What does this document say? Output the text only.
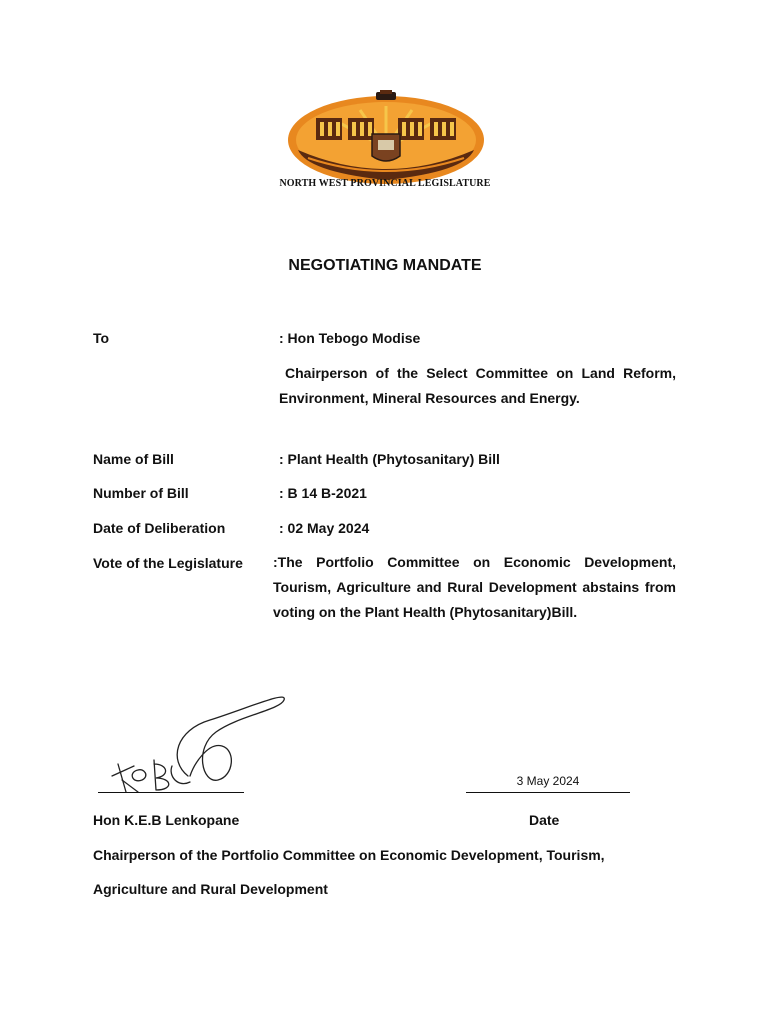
NORTH WEST PROVINCIAL LEGISLATURE
NEGOTIATING MANDATE
To	: Hon Tebogo Modise
Chairperson of the Select Committee on Land Reform, Environment, Mineral Resources and Energy.
Name of Bill	: Plant Health (Phytosanitary) Bill
Number of Bill	: B 14 B-2021
Date of Deliberation	: 02 May 2024
Vote of the Legislature :The Portfolio Committee on Economic Development, Tourism, Agriculture and Rural Development abstains from voting on the Plant Health (Phytosanitary)Bill.
3 May 2024
Hon K.E.B Lenkopane	Date
Chairperson of the Portfolio Committee on Economic Development, Tourism,
Agriculture and Rural Development
